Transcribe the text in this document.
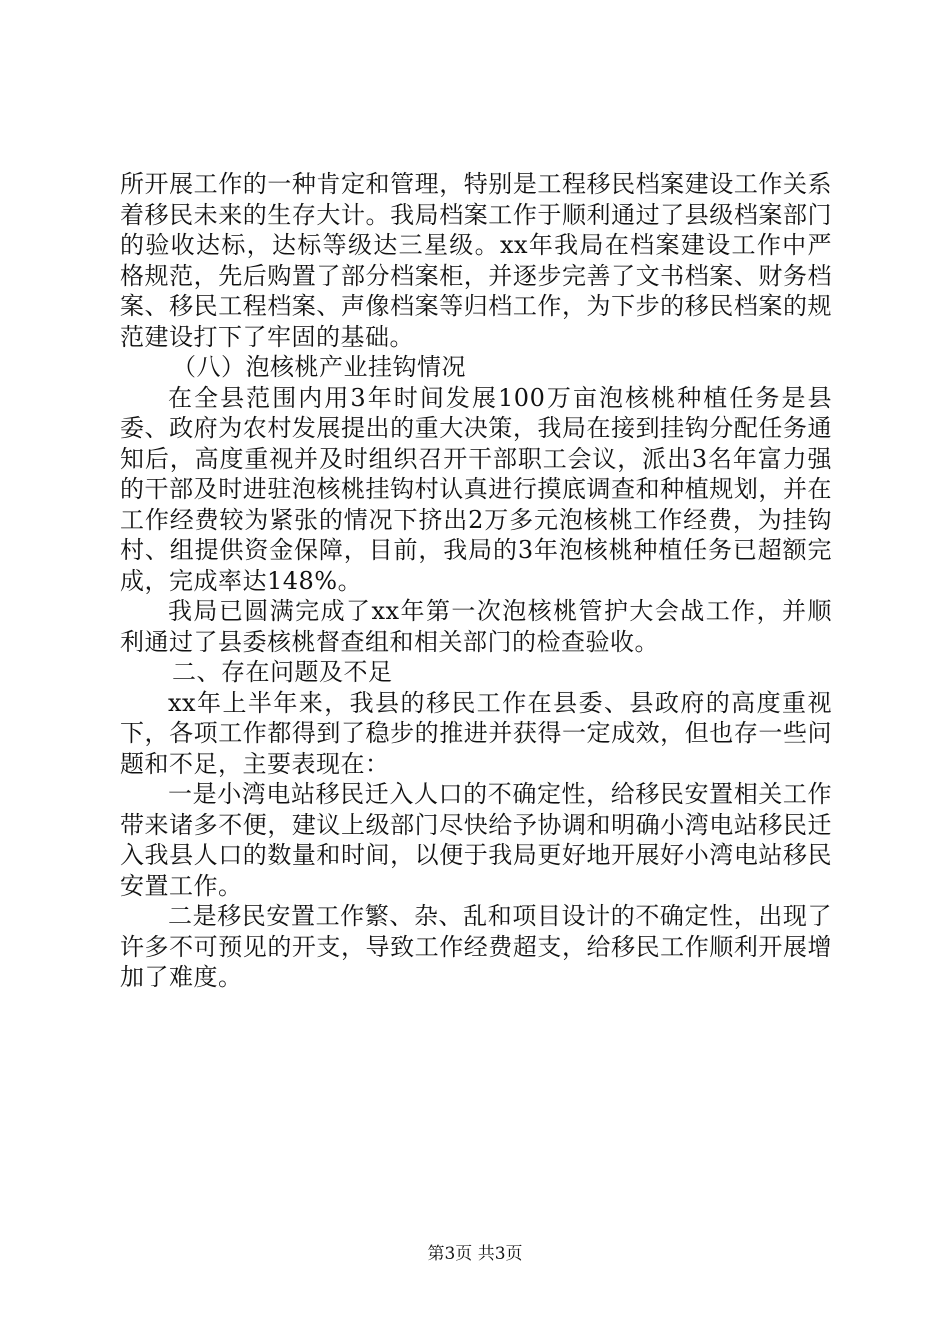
所开展工作的一种肯定和管理，特别是工程移民档案建设工作关系着移民未来的生存大计。我局档案工作于顺利通过了县级档案部门的验收达标，达标等级达三星级。xx年我局在档案建设工作中严格规范，先后购置了部分档案柜，并逐步完善了文书档案、财务档案、移民工程档案、声像档案等归档工作，为下步的移民档案的规范建设打下了牢固的基础。

（八）泡核桃产业挂钩情况

在全县范围内用3年时间发展100万亩泡核桃种植任务是县委、政府为农村发展提出的重大决策，我局在接到挂钩分配任务通知后，高度重视并及时组织召开干部职工会议，派出3名年富力强的干部及时进驻泡核桃挂钩村认真进行摸底调查和种植规划，并在工作经费较为紧张的情况下挤出2万多元泡核桃工作经费，为挂钩村、组提供资金保障，目前，我局的3年泡核桃种植任务已超额完成，完成率达148%。

我局已圆满完成了xx年第一次泡核桃管护大会战工作，并顺利通过了县委核桃督查组和相关部门的检查验收。

二、存在问题及不足

xx年上半年来，我县的移民工作在县委、县政府的高度重视下，各项工作都得到了稳步的推进并获得一定成效，但也存一些问题和不足，主要表现在：

一是小湾电站移民迁入人口的不确定性，给移民安置相关工作带来诸多不便，建议上级部门尽快给予协调和明确小湾电站移民迁入我县人口的数量和时间，以便于我局更好地开展好小湾电站移民安置工作。

二是移民安置工作繁、杂、乱和项目设计的不确定性，出现了许多不可预见的开支，导致工作经费超支，给移民工作顺利开展增加了难度。

第3页 共3页
